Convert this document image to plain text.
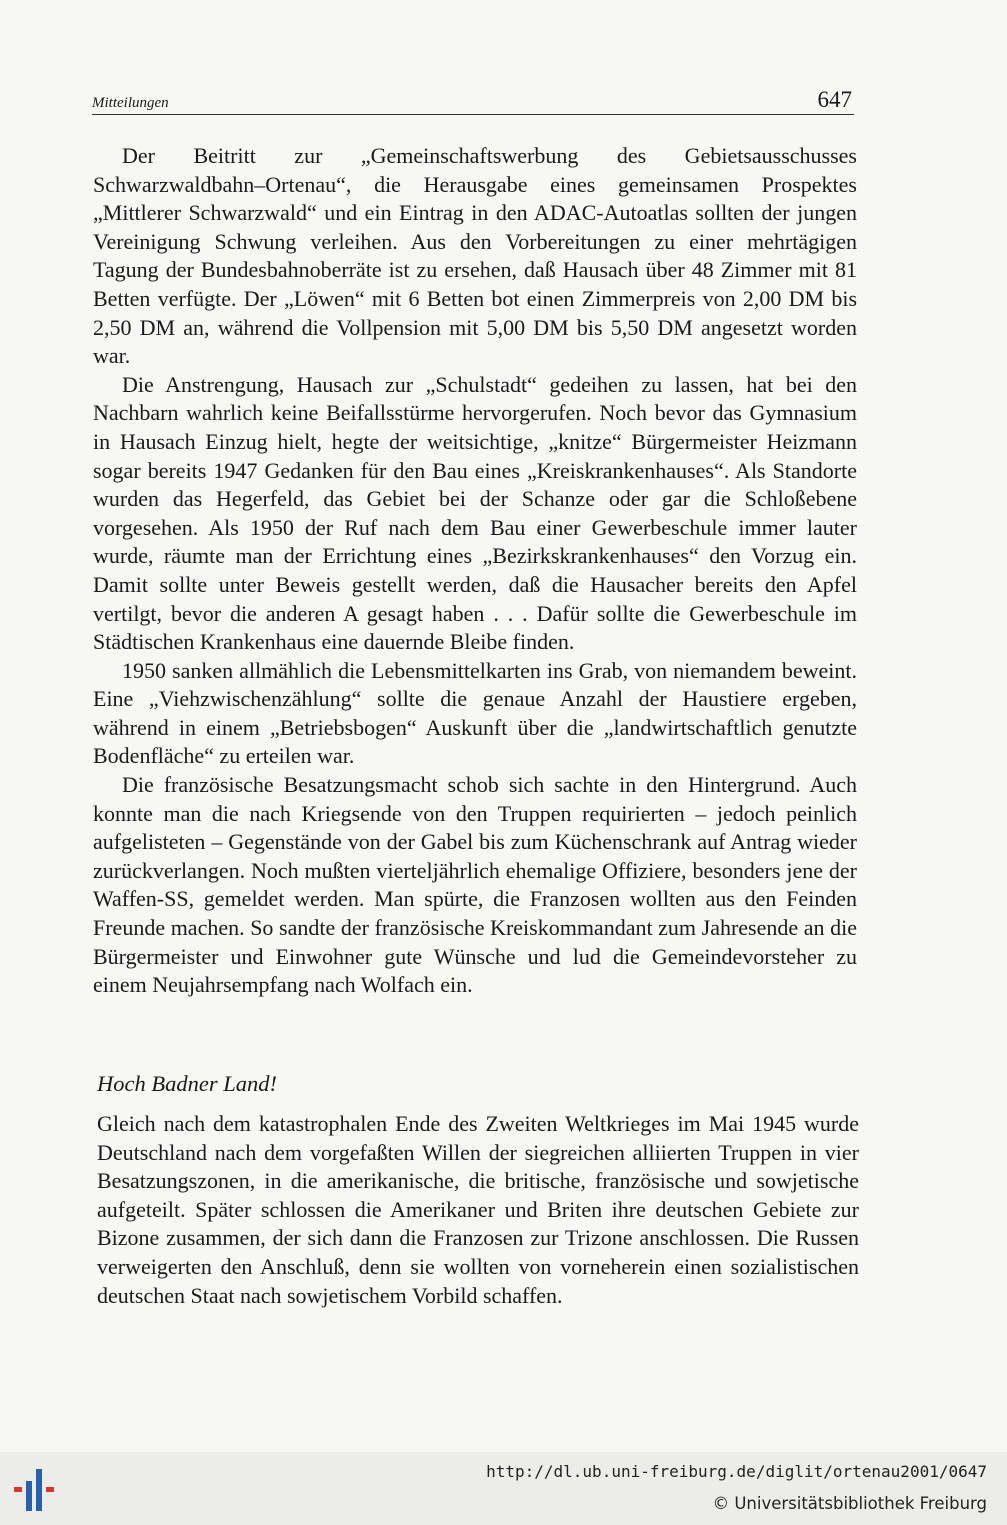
Mitteilungen	647

Der Beitritt zur „Gemeinschaftswerbung des Gebietsausschusses Schwarzwaldbahn–Ortenau“, die Herausgabe eines gemeinsamen Prospektes „Mittlerer Schwarzwald“ und ein Eintrag in den ADAC-Autoatlas sollten der jungen Vereinigung Schwung verleihen. Aus den Vorbereitungen zu einer mehrtägigen Tagung der Bundesbahnoberräte ist zu ersehen, daß Hausach über 48 Zimmer mit 81 Betten verfügte. Der „Löwen“ mit 6 Betten bot einen Zimmerpreis von 2,00 DM bis 2,50 DM an, während die Vollpension mit 5,00 DM bis 5,50 DM angesetzt worden war.

Die Anstrengung, Hausach zur „Schulstadt“ gedeihen zu lassen, hat bei den Nachbarn wahrlich keine Beifallsstürme hervorgerufen. Noch bevor das Gymnasium in Hausach Einzug hielt, hegte der weitsichtige, „knitze“ Bürgermeister Heizmann sogar bereits 1947 Gedanken für den Bau eines „Kreiskrankenhauses“. Als Standorte wurden das Hegerfeld, das Gebiet bei der Schanze oder gar die Schloßebene vorgesehen. Als 1950 der Ruf nach dem Bau einer Gewerbeschule immer lauter wurde, räumte man der Errichtung eines „Bezirkskrankenhauses“ den Vorzug ein. Damit sollte unter Beweis gestellt werden, daß die Hausacher bereits den Apfel vertilgt, bevor die anderen A gesagt haben . . . Dafür sollte die Gewerbeschule im Städtischen Krankenhaus eine dauernde Bleibe finden.

1950 sanken allmählich die Lebensmittelkarten ins Grab, von niemandem beweint. Eine „Viehzwischenzählung“ sollte die genaue Anzahl der Haustiere ergeben, während in einem „Betriebsbogen“ Auskunft über die „landwirtschaftlich genutzte Bodenfläche“ zu erteilen war.

Die französische Besatzungsmacht schob sich sachte in den Hintergrund. Auch konnte man die nach Kriegsende von den Truppen requirierten – jedoch peinlich aufgelisteten – Gegenstände von der Gabel bis zum Küchenschrank auf Antrag wieder zurückverlangen. Noch mußten vierteljährlich ehemalige Offiziere, besonders jene der Waffen-SS, gemeldet werden. Man spürte, die Franzosen wollten aus den Feinden Freunde machen. So sandte der französische Kreiskommandant zum Jahresende an die Bürgermeister und Einwohner gute Wünsche und lud die Gemeindevorsteher zu einem Neujahrsempfang nach Wolfach ein.

Hoch Badner Land!

Gleich nach dem katastrophalen Ende des Zweiten Weltkrieges im Mai 1945 wurde Deutschland nach dem vorgefaßten Willen der siegreichen alliierten Truppen in vier Besatzungszonen, in die amerikanische, die britische, französische und sowjetische aufgeteilt. Später schlossen die Amerikaner und Briten ihre deutschen Gebiete zur Bizone zusammen, der sich dann die Franzosen zur Trizone anschlossen. Die Russen verweigerten den Anschluß, denn sie wollten von vorneherein einen sozialistischen deutschen Staat nach sowjetischem Vorbild schaffen.

http://dl.ub.uni-freiburg.de/diglit/ortenau2001/0647
© Universitätsbibliothek Freiburg
